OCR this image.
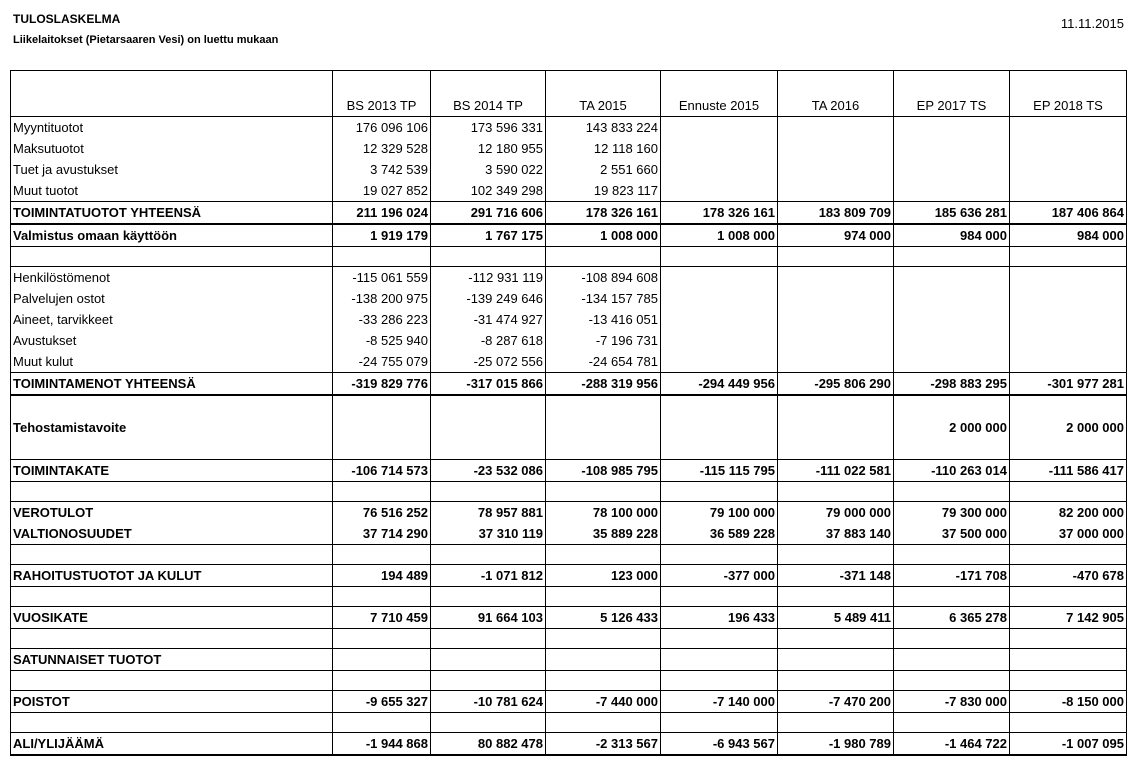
TULOSLASKELMA
Liikelaitokset (Pietarsaaren Vesi) on luettu mukaan
11.11.2015
	BS 2013 TP	BS 2014 TP	TA 2015	Ennuste 2015	TA 2016	EP 2017 TS	EP 2018 TS
Myyntituotot	176 096 106	173 596 331	143 833 224				
Maksutuotot	12 329 528	12 180 955	12 118 160				
Tuet ja avustukset	3 742 539	3 590 022	2 551 660				
Muut tuotot	19 027 852	102 349 298	19 823 117				
TOIMINTATUOTOT YHTEENSÄ	211 196 024	291 716 606	178 326 161	178 326 161	183 809 709	185 636 281	187 406 864
Valmistus omaan käyttöön	1 919 179	1 767 175	1 008 000	1 008 000	974 000	984 000	984 000

Henkilöstömenot	-115 061 559	-112 931 119	-108 894 608				
Palvelujen ostot	-138 200 975	-139 249 646	-134 157 785				
Aineet, tarvikkeet	-33 286 223	-31 474 927	-13 416 051				
Avustukset	-8 525 940	-8 287 618	-7 196 731				
Muut kulut	-24 755 079	-25 072 556	-24 654 781				
TOIMINTAMENOT YHTEENSÄ	-319 829 776	-317 015 866	-288 319 956	-294 449 956	-295 806 290	-298 883 295	-301 977 281
Tehostamistavoite						2 000 000	2 000 000
TOIMINTAKATE	-106 714 573	-23 532 086	-108 985 795	-115 115 795	-111 022 581	-110 263 014	-111 586 417

VEROTULOT	76 516 252	78 957 881	78 100 000	79 100 000	79 000 000	79 300 000	82 200 000
VALTIONOSUUDET	37 714 290	37 310 119	35 889 228	36 589 228	37 883 140	37 500 000	37 000 000

RAHOITUSTUOTOT JA KULUT	194 489	-1 071 812	123 000	-377 000	-371 148	-171 708	-470 678

VUOSIKATE	7 710 459	91 664 103	5 126 433	196 433	5 489 411	6 365 278	7 142 905

SATUNNAISET TUOTOT							

POISTOT	-9 655 327	-10 781 624	-7 440 000	-7 140 000	-7 470 200	-7 830 000	-8 150 000

ALI/YLIJÄÄMÄ	-1 944 868	80 882 478	-2 313 567	-6 943 567	-1 980 789	-1 464 722	-1 007 095
